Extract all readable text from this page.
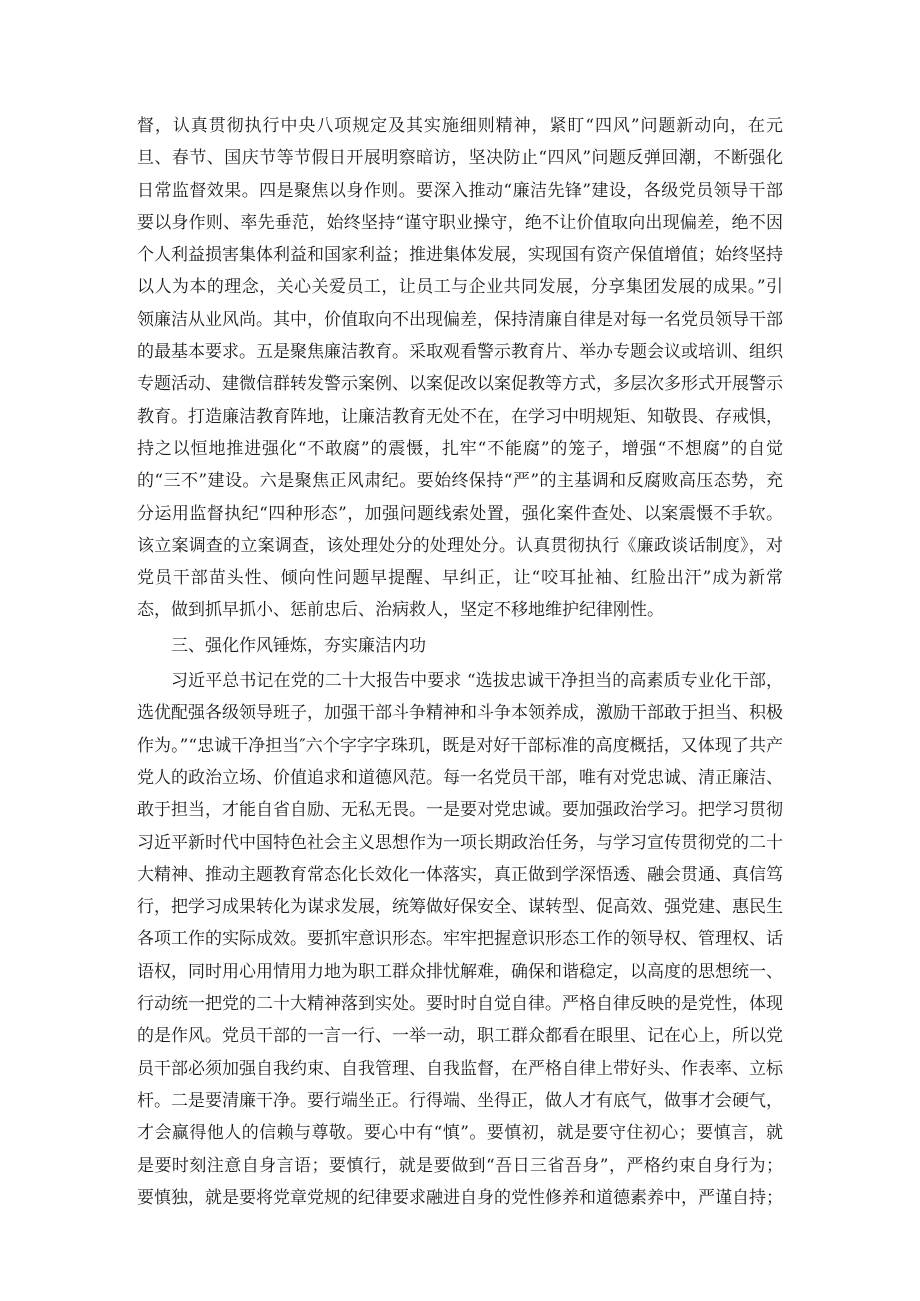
督，认真贯彻执行中央八项规定及其实施细则精神，紧盯“四风”问题新动向，在元旦、春节、国庆节等节假日开展明察暗访，坚决防止“四风”问题反弹回潮，不断强化日常监督效果。四是聚焦以身作则。要深入推动“廉洁先锋”建设，各级党员领导干部要以身作则、率先垂范，始终坚持“谨守职业操守，绝不让价值取向出现偏差，绝不因个人利益损害集体利益和国家利益；推进集体发展，实现国有资产保值增值；始终坚持以人为本的理念，关心关爱员工，让员工与企业共同发展，分享集团发展的成果。”引领廉洁从业风尚。其中，价值取向不出现偏差，保持清廉自律是对每一名党员领导干部的最基本要求。五是聚焦廉洁教育。采取观看警示教育片、举办专题会议或培训、组织专题活动、建微信群转发警示案例、以案促改以案促教等方式，多层次多形式开展警示教育。打造廉洁教育阵地，让廉洁教育无处不在，在学习中明规矩、知敬畏、存戒惧，持之以恒地推进强化“不敢腐”的震慑，扎牢“不能腐”的笼子，增强“不想腐”的自觉的“三不”建设。六是聚焦正风肃纪。要始终保持“严”的主基调和反腐败高压态势，充分运用监督执纪“四种形态”，加强问题线索处置，强化案件查处、以案震慑不手软。该立案调查的立案调查，该处理处分的处理处分。认真贯彻执行《廉政谈话制度》，对党员干部苗头性、倾向性问题早提醒、早纠正，让“咬耳扯袖、红脸出汗”成为新常态，做到抓早抓小、惩前忠后、治病救人，坚定不移地维护纪律刚性。

三、强化作风锤炼，夯实廉洁内功

习近平总书记在党的二十大报告中要求 “选拔忠诚干净担当的高素质专业化干部，选优配强各级领导班子，加强干部斗争精神和斗争本领养成，激励干部敢于担当、积极作为。”“忠诚干净担当″六个字字字珠玑，既是对好干部标准的高度概括，又体现了共产党人的政治立场、价值追求和道德风范。每一名党员干部，唯有对党忠诚、清正廉洁、敢于担当，才能自省自励、无私无畏。一是要对党忠诚。要加强政治学习。把学习贯彻习近平新时代中国特色社会主义思想作为一项长期政治任务，与学习宣传贯彻党的二十大精神、推动主题教育常态化长效化一体落实，真正做到学深悟透、融会贯通、真信笃行，把学习成果转化为谋求发展，统筹做好保安全、谋转型、促高效、强党建、惠民生各项工作的实际成效。要抓牢意识形态。牢牢把握意识形态工作的领导权、管理权、话语权，同时用心用情用力地为职工群众排忧解难，确保和谐稳定，以高度的思想统一、行动统一把党的二十大精神落到实处。要时时自觉自律。严格自律反映的是党性，体现的是作风。党员干部的一言一行、一举一动，职工群众都看在眼里、记在心上，所以党员干部必须加强自我约束、自我管理、自我监督，在严格自律上带好头、作表率、立标杆。二是要清廉干净。要行端坐正。行得端、坐得正，做人才有底气，做事才会硬气，才会赢得他人的信赖与尊敬。要心中有“慎”。要慎初，就是要守住初心；要慎言，就是要时刻注意自身言语；要慎行，就是要做到“吾日三省吾身”，严格约束自身行为；要慎独，就是要将党章党规的纪律要求融进自身的党性修养和道德素养中，严谨自持；
